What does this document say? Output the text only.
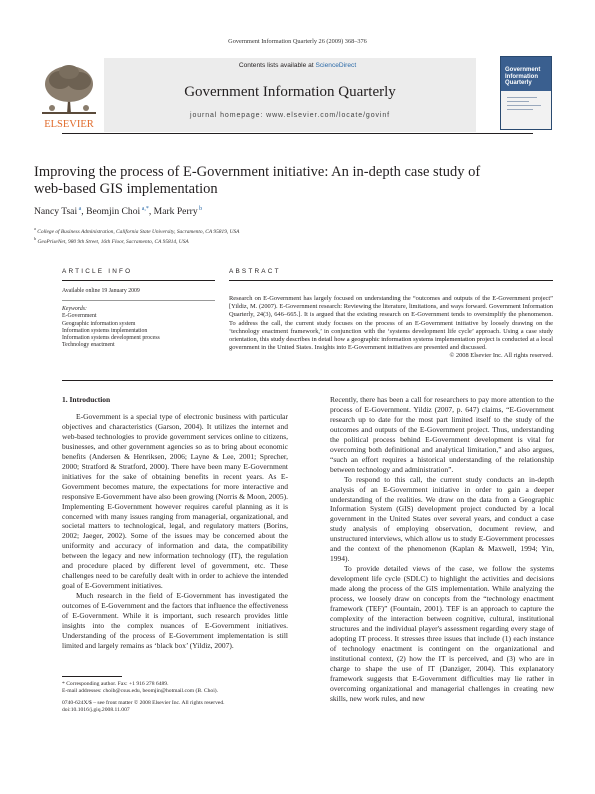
Government Information Quarterly 26 (2009) 368–376
ELSEVIER
Contents lists available at ScienceDirect
Government Information Quarterly
journal homepage: www.elsevier.com/locate/govinf
Government Information Quarterly
Improving the process of E-Government initiative: An in-depth case study of
web-based GIS implementation
Nancy Tsai $^a$, Beomjin Choi $^{a,*}$, Mark Perry $^b$
$^a$ College of Business Administration, California State University, Sacramento, CA 95819, USA
$^b$ GeoPriseNet, 980 9th Street, 16th Floor, Sacramento, CA 95814, USA
ARTICLE INFO	ABSTRACT
Available online 19 January 2009
Keywords:
E-Government
Geographic information system
Information systems implementation
Information systems development process
Technology enactment
Research on E-Government has largely focused on understanding the “outcomes and outputs of the E-Government project” [Yildiz, M. (2007). E-Government research: Reviewing the literature, limitations, and ways forward. Government Information Quarterly, 24(3), 646–665.]. It is argued that the existing research on E-Government tends to oversimplify the phenomenon. To address the call, the current study focuses on the process of an E-Government initiative by loosely drawing on the ‘technology enactment framework,’ in conjunction with the ‘systems development life cycle’ approach. Using a case study orientation, this study describes in detail how a geographic information systems implementation project is conducted at a local government in the United States. Insights into E-Government initiatives are presented and discussed.
© 2008 Elsevier Inc. All rights reserved.
1. Introduction

E-Government is a special type of electronic business with particular objectives and characteristics (Garson, 2004). It utilizes the internet and web-based technologies to provide government services online to citizens, businesses, and other government agencies so as to bring about economic benefits (Andersen & Henriksen, 2006; Layne & Lee, 2001; Sprecher, 2000; Stratford & Stratford, 2000). There have been many E-Government initiatives for the sake of obtaining benefits in recent years. As E-Government becomes mature, the expectations for more interactive and responsive E-Government have also been growing (Norris & Moon, 2005). Implementing E-Government however requires careful planning as it is concerned with many issues ranging from managerial, organizational, and societal matters to technological, legal, and regulatory matters (Borins, 2002; Jaeger, 2002). Some of the issues may be concerned about the uniformity and accuracy of information and data, the compatibility between the legacy and new information technology (IT), the regulation and procedure placed by different level of government, etc. These challenges need to be carefully dealt with in order to achieve the intended goal of E-Government initiatives.

Much research in the field of E-Government has investigated the outcomes of E-Government and the factors that influence the effectiveness of E-Government. While it is important, such research provides little insights into the complex nuances of E-Government initiatives. Understanding of the process of E-Government implementation is still limited and largely remains as ‘black box’ (Yildiz, 2007).

* Corresponding author. Fax: +1 916 278 6489.
E-mail addresses: choib@csus.edu, beomjin@hotmail.com (B. Choi).
0740-624X/$ – see front matter © 2008 Elsevier Inc. All rights reserved.
doi:10.1016/j.giq.2008.11.007

Recently, there has been a call for researchers to pay more attention to the process of E-Government. Yildiz (2007, p. 647) claims, “E-Government research up to date for the most part limited itself to the study of the outcomes and outputs of the E-Government project. Thus, understanding the political process behind E-Government development is vital for overcoming both definitional and analytical limitation,” and also argues, “such an effort requires a historical understanding of the relationship between technology and administration”.

To respond to this call, the current study conducts an in-depth analysis of an E-Government initiative in order to gain a deeper understanding of the realities. We draw on the data from a Geographic Information System (GIS) development project conducted by a local government in the United States over several years, and conduct a case study analysis of employing observation, document review, and unstructured interviews, which allow us to study E-Government processes and the context of the phenomenon (Kaplan & Maxwell, 1994; Yin, 1994).

To provide detailed views of the case, we follow the systems development life cycle (SDLC) to highlight the activities and decisions made along the process of the GIS implementation. While analyzing the process, we loosely draw on concepts from the “technology enactment framework (TEF)” (Fountain, 2001). TEF is an approach to capture the complexity of the interaction between cognitive, cultural, institutional structures and the individual player's assessment regarding every stage of adopting IT process. It stresses three issues that include (1) each instance of technology enactment is contingent on the organizational and institutional context, (2) how the IT is perceived, and (3) who are in charge to shape the use of IT (Danziger, 2004). This explanatory framework suggests that E-Government difficulties may lie rather in overcoming organizational and managerial challenges in creating new skills, new work rules, and new
